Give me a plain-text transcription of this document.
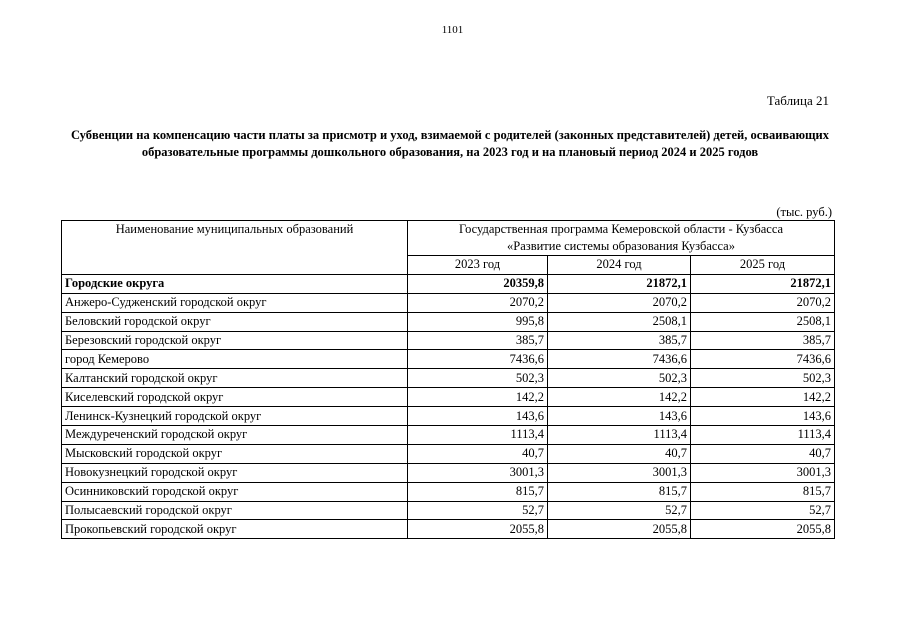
1101
Таблица 21
Субвенции на компенсацию части платы за присмотр и уход, взимаемой с родителей (законных представителей) детей, осваивающих образовательные программы дошкольного образования, на 2023 год и на плановый период 2024 и 2025 годов
(тыс. руб.)
Наименование муниципальных образований	Государственная программа Кемеровской области - Кузбасса
«Развитие системы образования Кузбасса»		

	2023 год	2024 год	2025 год
Городские округа	20359,8	21872,1	21872,1
Анжеро-Судженский городской округ	2070,2	2070,2	2070,2
Беловский городской округ	995,8	2508,1	2508,1
Березовский городской округ	385,7	385,7	385,7
город Кемерово	7436,6	7436,6	7436,6
Калтанский городской округ	502,3	502,3	502,3
Киселевский городской округ	142,2	142,2	142,2
Ленинск-Кузнецкий городской округ	143,6	143,6	143,6
Междуреченский городской округ	1113,4	1113,4	1113,4
Мысковский городской округ	40,7	40,7	40,7
Новокузнецкий городской округ	3001,3	3001,3	3001,3
Осинниковский городской округ	815,7	815,7	815,7
Полысаевский городской округ	52,7	52,7	52,7
Прокопьевский городской округ	2055,8	2055,8	2055,8
